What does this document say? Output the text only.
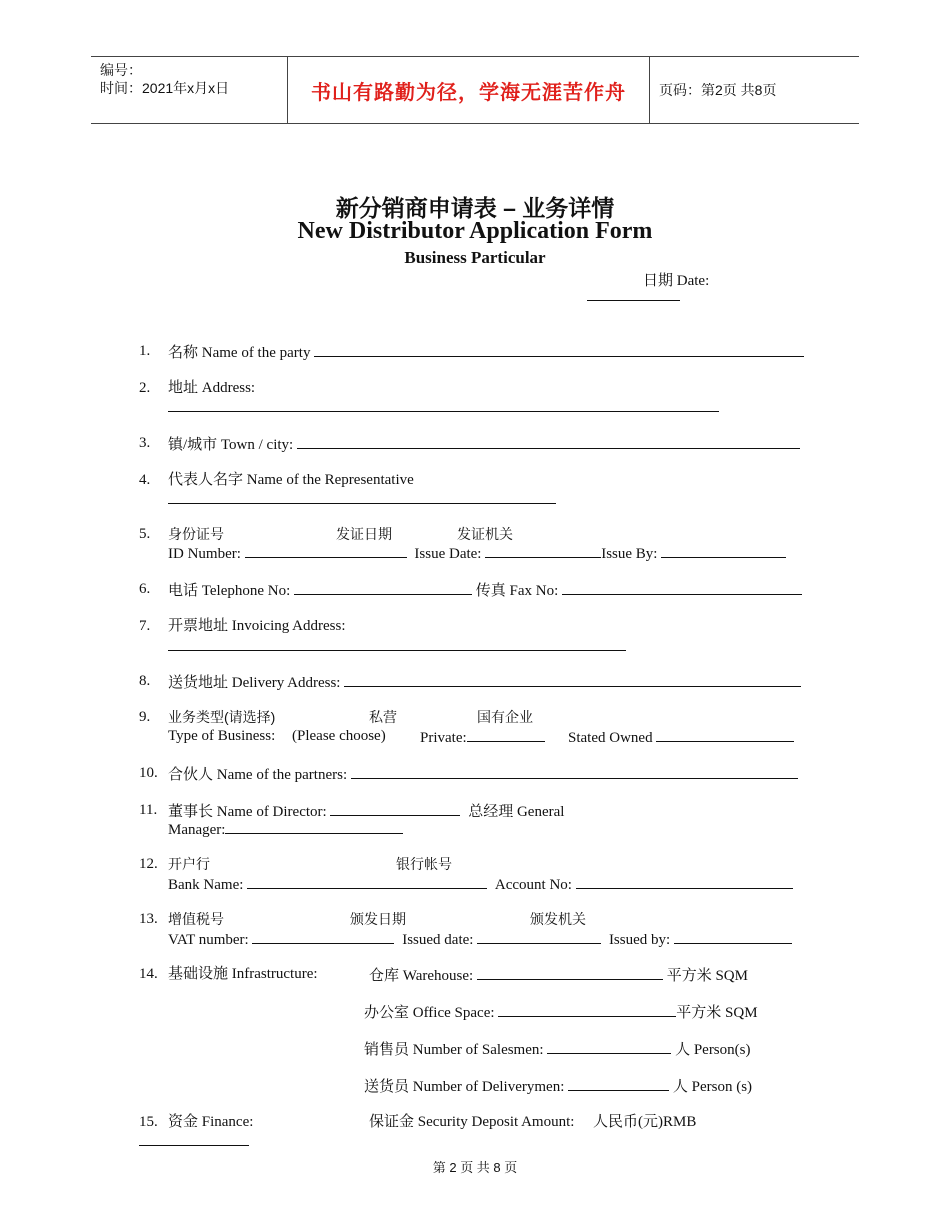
编号：
时间：2021年x月x日	书山有路勤为径，学海无涯苦作舟	页码：第2页 共8页
新分销商申请表 – 业务详情
New Distributor Application Form
Business Particular
日期 Date:
1. 名称 Name of the party
2. 地址 Address:
3. 镇/城市 Town / city:
4. 代表人名字 Name of the Representative
5. 身份证号	发证日期	发证机关
ID Number:	Issue Date:	Issue By:
6. 电话 Telephone No:	传真 Fax No:
7. 开票地址 Invoicing Address:
8. 送货地址 Delivery Address:
9. 业务类型(请选择)	私营	国有企业
Type of Business: (Please choose) Private:	Stated Owned
10. 合伙人 Name of the partners:
11. 董事长 Name of Director:	总经理 General
Manager:
12. 开户行	银行帐号
Bank Name:	Account No:
13. 增值税号	颁发日期	颁发机关
VAT number:	Issued date:	Issued by:
14. 基础设施 Infrastructure:	仓库 Warehouse:	平方米 SQM
办公室 Office Space:	平方米 SQM
销售员 Number of Salesmen:	人 Person(s)
送货员 Number of Deliverymen:	人 Person (s)
15. 资金 Finance:	保证金 Security Deposit Amount: 人民币(元)RMB
第 2 页 共 8 页
